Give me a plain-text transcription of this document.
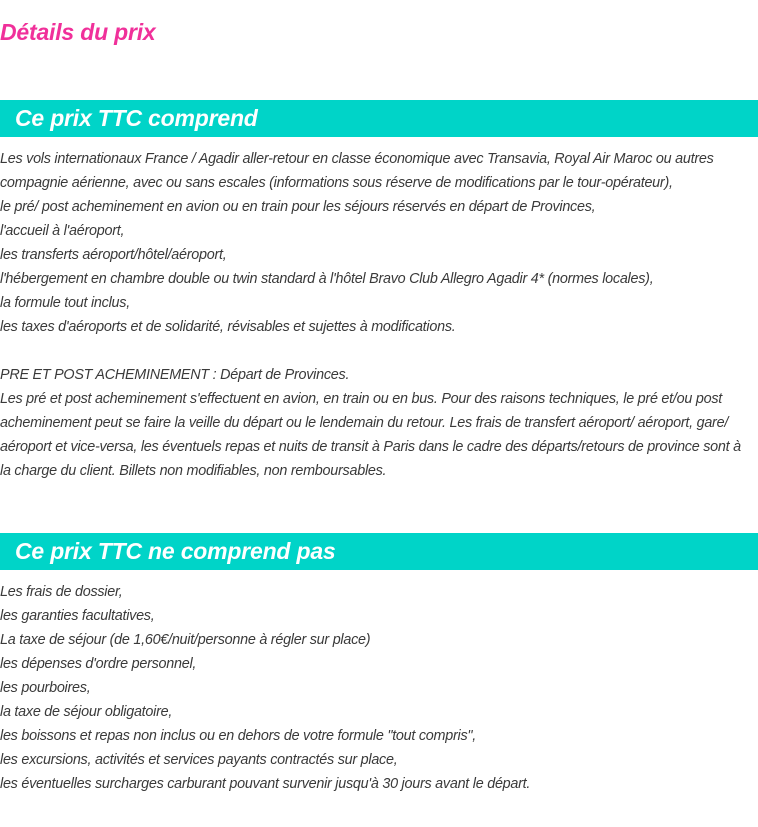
Détails du prix
Ce prix TTC comprend
Les vols internationaux France / Agadir aller-retour en classe économique avec Transavia, Royal Air Maroc ou autres
compagnie aérienne, avec ou sans escales (informations sous réserve de modifications par le tour-opérateur),
le pré/ post acheminement en avion ou en train pour les séjours réservés en départ de Provinces,
l'accueil à l'aéroport,
les transferts aéroport/hôtel/aéroport,
l'hébergement en chambre double ou twin standard à l'hôtel Bravo Club Allegro Agadir 4* (normes locales),
la formule tout inclus,
les taxes d'aéroports et de solidarité, révisables et sujettes à modifications.
PRE ET POST ACHEMINEMENT : Départ de Provinces.
Les pré et post acheminement s'effectuent en avion, en train ou en bus. Pour des raisons techniques, le pré et/ou post
acheminement peut se faire la veille du départ ou le lendemain du retour. Les frais de transfert aéroport/ aéroport, gare/
aéroport et vice-versa, les éventuels repas et nuits de transit à Paris dans le cadre des départs/retours de province sont à
la charge du client. Billets non modifiables, non remboursables.
Ce prix TTC ne comprend pas
Les frais de dossier,
les garanties facultatives,
La taxe de séjour (de 1,60€/nuit/personne à régler sur place)
les dépenses d'ordre personnel,
les pourboires,
la taxe de séjour obligatoire,
les boissons et repas non inclus ou en dehors de votre formule "tout compris",
les excursions, activités et services payants contractés sur place,
les éventuelles surcharges carburant pouvant survenir jusqu'à 30 jours avant le départ.
